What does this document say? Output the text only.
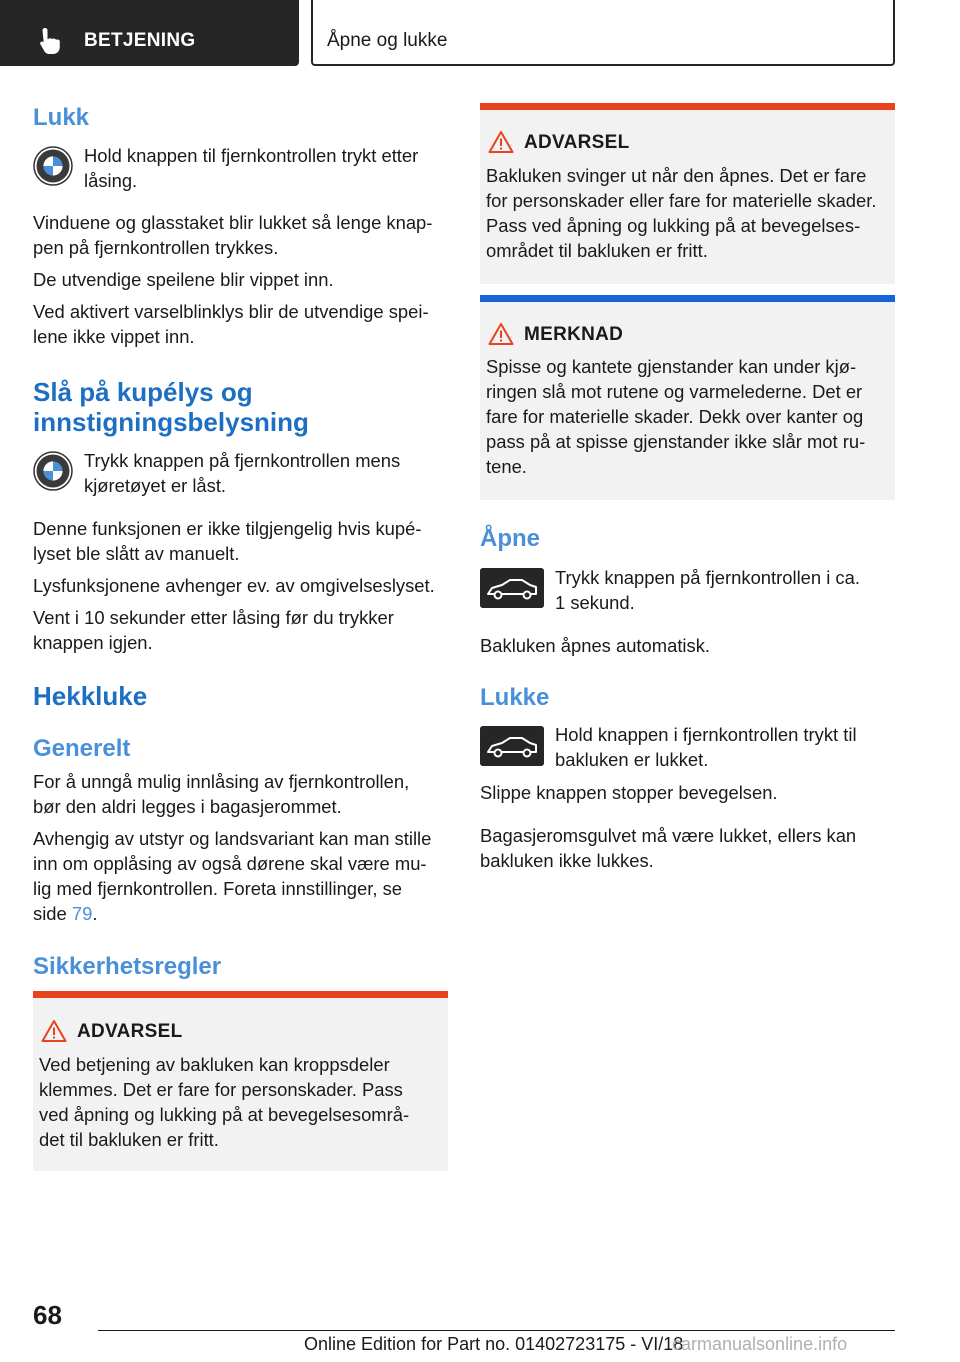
BETJENING	Åpne og lukke
Lukk
Hold knappen til fjernkontrollen trykt etter
låsing.
Vinduene og glasstaket blir lukket så lenge knap‐
pen på fjernkontrollen trykkes.
De utvendige speilene blir vippet inn.
Ved aktivert varselblinklys blir de utvendige spei‐
lene ikke vippet inn.
Slå på kupélys og
innstigningsbelysning
Trykk knappen på fjernkontrollen mens
kjøretøyet er låst.
Denne funksjonen er ikke tilgjengelig hvis kupé‐
lyset ble slått av manuelt.
Lysfunksjonene avhenger ev. av omgivelseslyset.
Vent i 10 sekunder etter låsing før du trykker
knappen igjen.
Hekkluke
Generelt
For å unngå mulig innlåsing av fjernkontrollen,
bør den aldri legges i bagasjerommet.
Avhengig av utstyr og landsvariant kan man stille
inn om opplåsing av også dørene skal være mu‐
lig med fjernkontrollen. Foreta innstillinger, se
side 79.
Sikkerhetsregler
ADVARSEL
Ved betjening av bakluken kan kroppsdeler
klemmes. Det er fare for personskader. Pass
ved åpning og lukking på at bevegelsesområ‐
det til bakluken er fritt.
ADVARSEL
Bakluken svinger ut når den åpnes. Det er fare
for personskader eller fare for materielle skader.
Pass ved åpning og lukking på at bevegelses‐
området til bakluken er fritt.
MERKNAD
Spisse og kantete gjenstander kan under kjø‐
ringen slå mot rutene og varmelederne. Det er
fare for materielle skader. Dekk over kanter og
pass på at spisse gjenstander ikke slår mot ru‐
tene.
Åpne
Trykk knappen på fjernkontrollen i ca.
1 sekund.
Bakluken åpnes automatisk.
Lukke
Hold knappen i fjernkontrollen trykt til
bakluken er lukket.
Slippe knappen stopper bevegelsen.
Bagasjeromsgulvet må være lukket, ellers kan
bakluken ikke lukkes.
68
Online Edition for Part no. 01402723175 - VI/18
carmanualsonline.info
